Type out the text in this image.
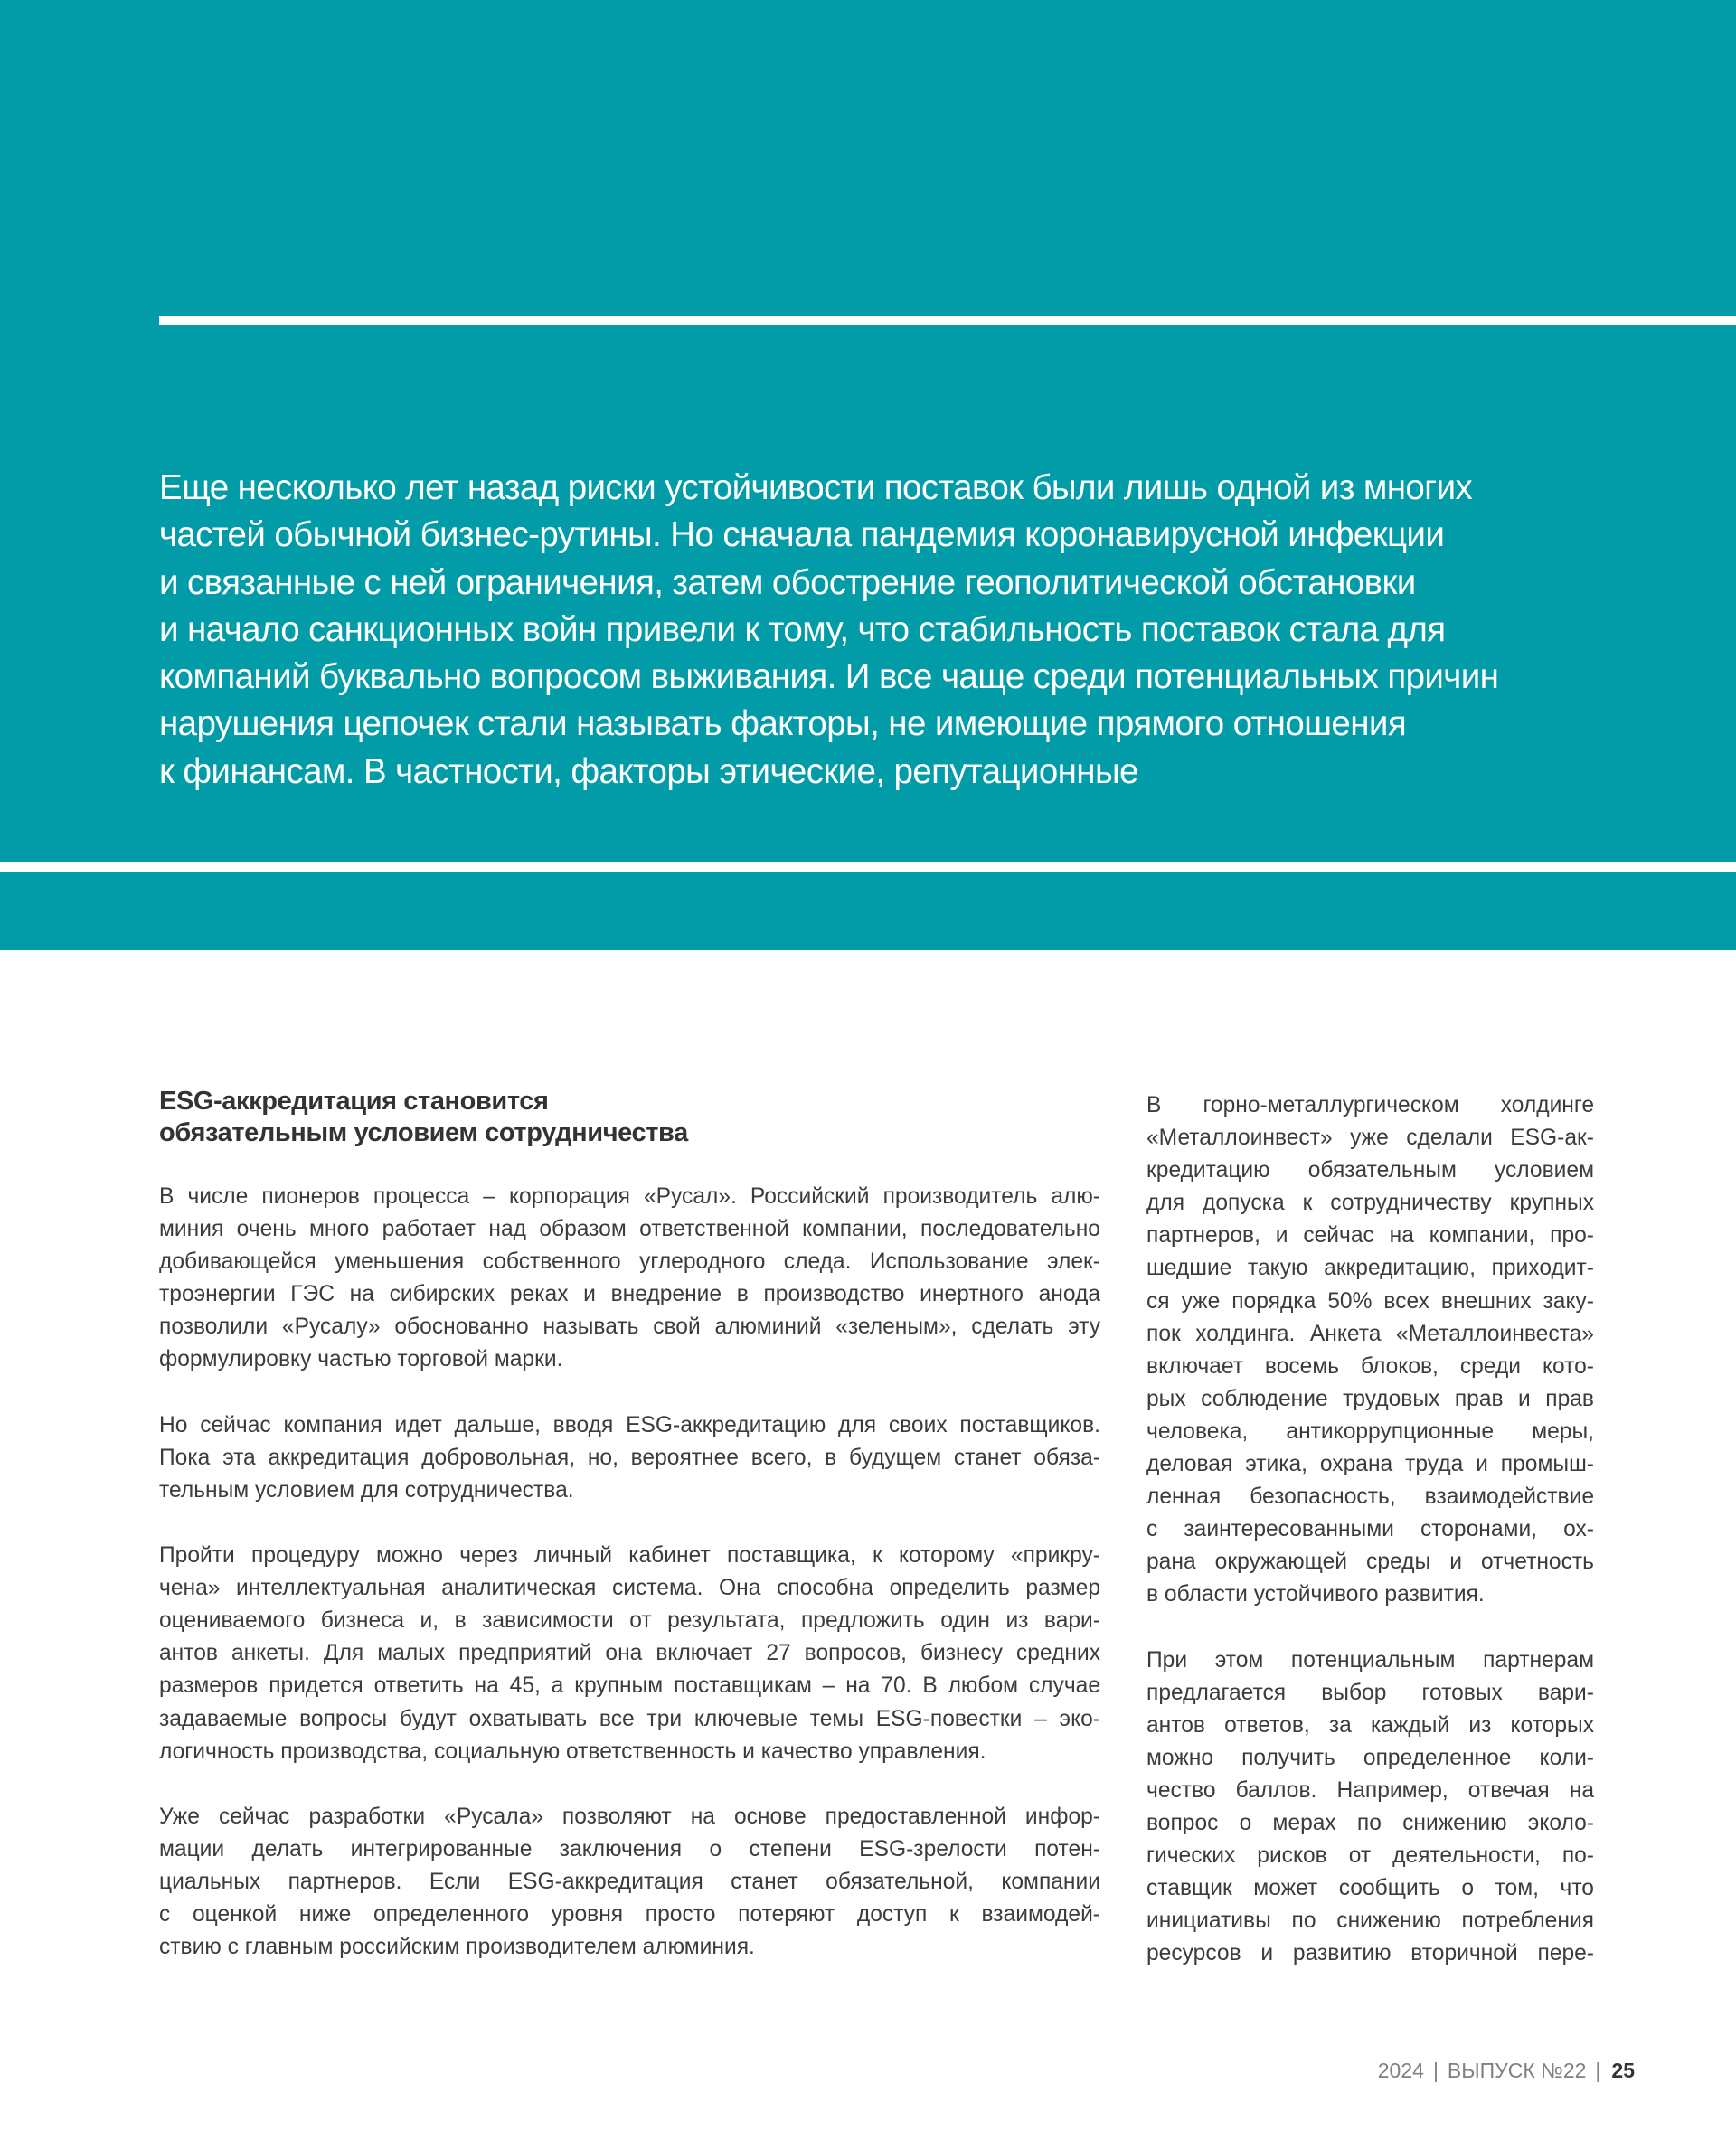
Еще несколько лет назад риски устойчивости поставок были лишь одной из многих
частей обычной бизнес-рутины. Но сначала пандемия коронавирусной инфекции
и связанные с ней ограничения, затем обострение геополитической обстановки
и начало санкционных войн привели к тому, что стабильность поставок стала для
компаний буквально вопросом выживания. И все чаще среди потенциальных причин
нарушения цепочек стали называть факторы, не имеющие прямого отношения
к финансам. В частности, факторы этические, репутационные

ESG-аккредитация становится
обязательным условием сотрудничества

В числе пионеров процесса – корпорация «Русал». Российский производитель алю-
миния очень много работает над образом ответственной компании, последовательно
добивающейся уменьшения собственного углеродного следа. Использование элек-
троэнергии ГЭС на сибирских реках и внедрение в производство инертного анода
позволили «Русалу» обоснованно называть свой алюминий «зеленым», сделать эту
формулировку частью торговой марки.

Но сейчас компания идет дальше, вводя ESG-аккредитацию для своих поставщиков.
Пока эта аккредитация добровольная, но, вероятнее всего, в будущем станет обяза-
тельным условием для сотрудничества.

Пройти процедуру можно через личный кабинет поставщика, к которому «прикру-
чена» интеллектуальная аналитическая система. Она способна определить размер
оцениваемого бизнеса и, в зависимости от результата, предложить один из вари-
антов анкеты. Для малых предприятий она включает 27 вопросов, бизнесу средних
размеров придется ответить на 45, а крупным поставщикам – на 70. В любом случае
задаваемые вопросы будут охватывать все три ключевые темы ESG-повестки – эко-
логичность производства, социальную ответственность и качество управления.

Уже сейчас разработки «Русала» позволяют на основе предоставленной инфор-
мации делать интегрированные заключения о степени ESG-зрелости потен-
циальных партнеров. Если ESG-аккредитация станет обязательной, компании
с оценкой ниже определенного уровня просто потеряют доступ к взаимодей-
ствию с главным российским производителем алюминия.

В горно-металлургическом холдинге
«Металлоинвест» уже сделали ESG-ак-
кредитацию обязательным условием
для допуска к сотрудничеству крупных
партнеров, и сейчас на компании, про-
шедшие такую аккредитацию, приходит-
ся уже порядка 50% всех внешних заку-
пок холдинга. Анкета «Металлоинвеста»
включает восемь блоков, среди кото-
рых соблюдение трудовых прав и прав
человека, антикоррупционные меры,
деловая этика, охрана труда и промыш-
ленная безопасность, взаимодействие
с заинтересованными сторонами, ох-
рана окружающей среды и отчетность
в области устойчивого развития.

При этом потенциальным партнерам
предлагается выбор готовых вари-
антов ответов, за каждый из которых
можно получить определенное коли-
чество баллов. Например, отвечая на
вопрос о мерах по снижению эколо-
гических рисков от деятельности, по-
ставщик может сообщить о том, что
инициативы по снижению потребления
ресурсов и развитию вторичной пере-

2024 | ВЫПУСК №22 | 25
